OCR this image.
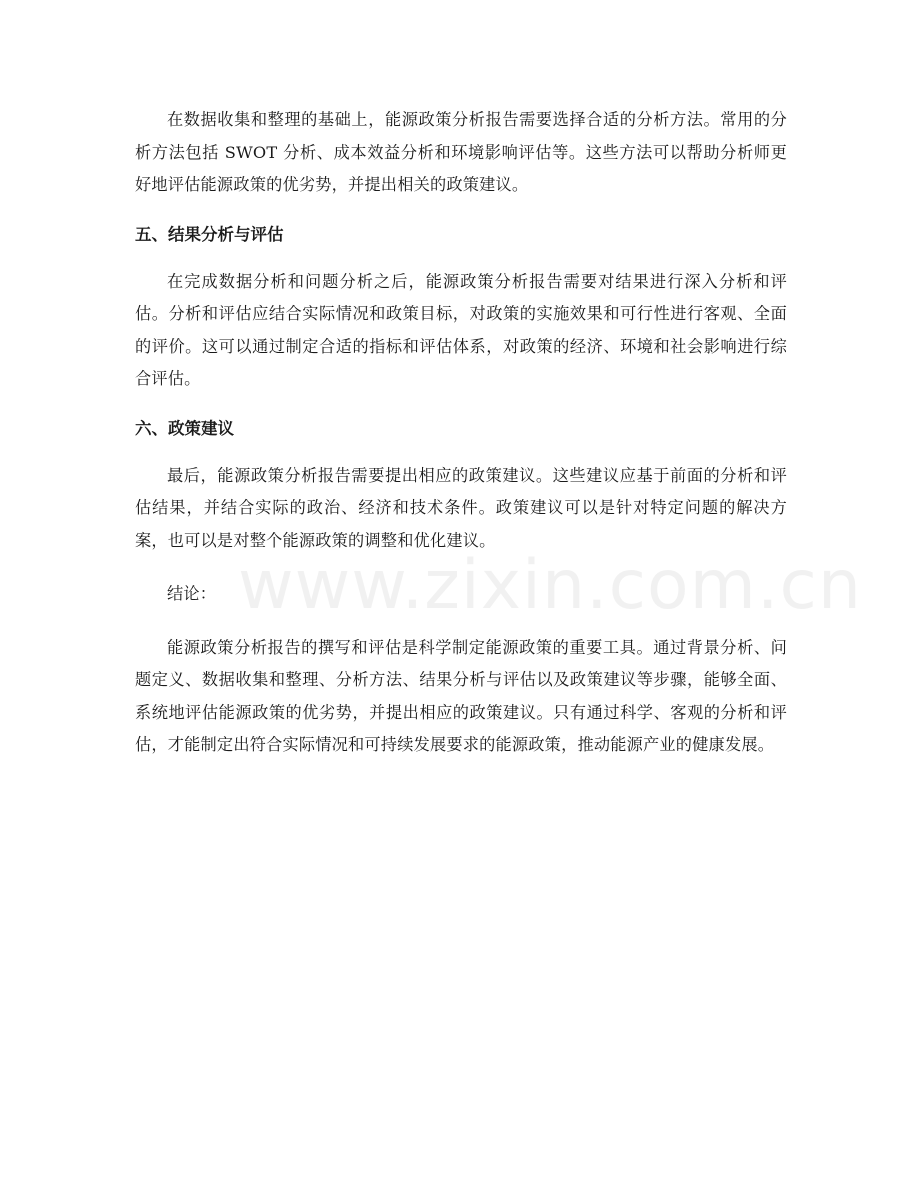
在数据收集和整理的基础上，能源政策分析报告需要选择合适的分析方法。常用的分析方法包括 SWOT 分析、成本效益分析和环境影响评估等。这些方法可以帮助分析师更好地评估能源政策的优劣势，并提出相关的政策建议。

五、结果分析与评估

在完成数据分析和问题分析之后，能源政策分析报告需要对结果进行深入分析和评估。分析和评估应结合实际情况和政策目标，对政策的实施效果和可行性进行客观、全面的评价。这可以通过制定合适的指标和评估体系，对政策的经济、环境和社会影响进行综合评估。

六、政策建议

最后，能源政策分析报告需要提出相应的政策建议。这些建议应基于前面的分析和评估结果，并结合实际的政治、经济和技术条件。政策建议可以是针对特定问题的解决方案，也可以是对整个能源政策的调整和优化建议。

结论：

能源政策分析报告的撰写和评估是科学制定能源政策的重要工具。通过背景分析、问题定义、数据收集和整理、分析方法、结果分析与评估以及政策建议等步骤，能够全面、系统地评估能源政策的优劣势，并提出相应的政策建议。只有通过科学、客观的分析和评估，才能制定出符合实际情况和可持续发展要求的能源政策，推动能源产业的健康发展。

www.zixin.com.cn
